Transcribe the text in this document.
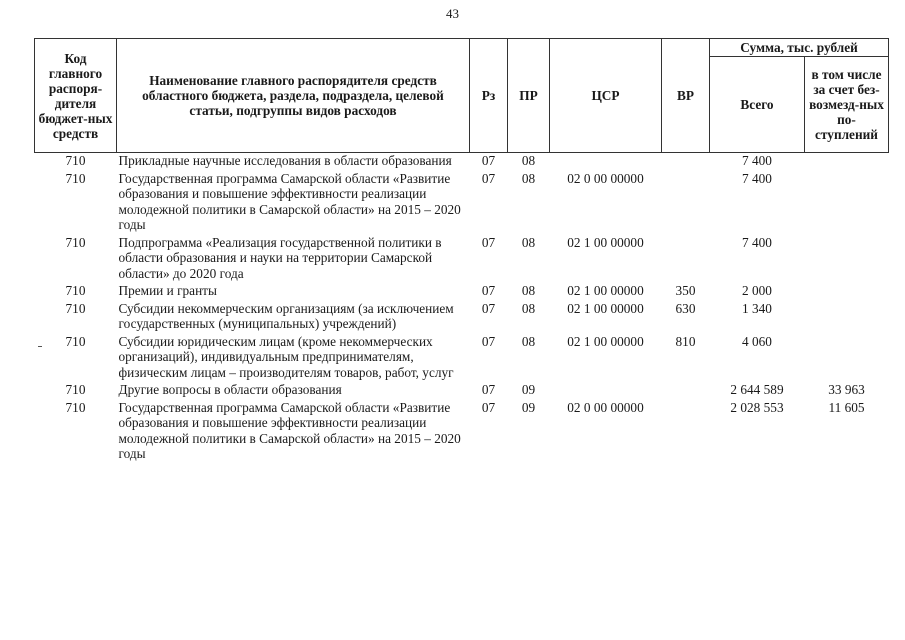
43
Код главного распоря-дителя бюджет-ных средств	Наименование главного распорядителя средств областного бюджета, раздела, подраздела, целевой статьи, подгруппы видов расходов	Рз	ПР	ЦСР	ВР	Сумма, тыс. рублей	
						Всего	в том числе за счет без-возмезд-ных по-ступлений
710	Прикладные научные исследования в области образования	07	08			7 400	
710	Государственная программа Самарской области «Развитие образования и повышение эффективности реализации молодежной политики в Самарской области» на 2015 – 2020 годы	07	08	02 0 00 00000		7 400	
710	Подпрограмма «Реализация государственной политики в области образования и науки на территории Самарской области» до 2020 года	07	08	02 1 00 00000		7 400	
710	Премии и гранты	07	08	02 1 00 00000	350	2 000	
710	Субсидии некоммерческим организациям (за исключением государственных (муниципальных) учреждений)	07	08	02 1 00 00000	630	1 340	
710	Субсидии юридическим лицам (кроме некоммерческих организаций), индивидуальным предпринимателям, физическим лицам – производителям товаров, работ, услуг	07	08	02 1 00 00000	810	4 060	
710	Другие вопросы в области образования	07	09			2 644 589	33 963
710	Государственная программа Самарской области «Развитие образования и повышение эффективности реализации молодежной политики в Самарской области» на 2015 – 2020 годы	07	09	02 0 00 00000		2 028 553	11 605
